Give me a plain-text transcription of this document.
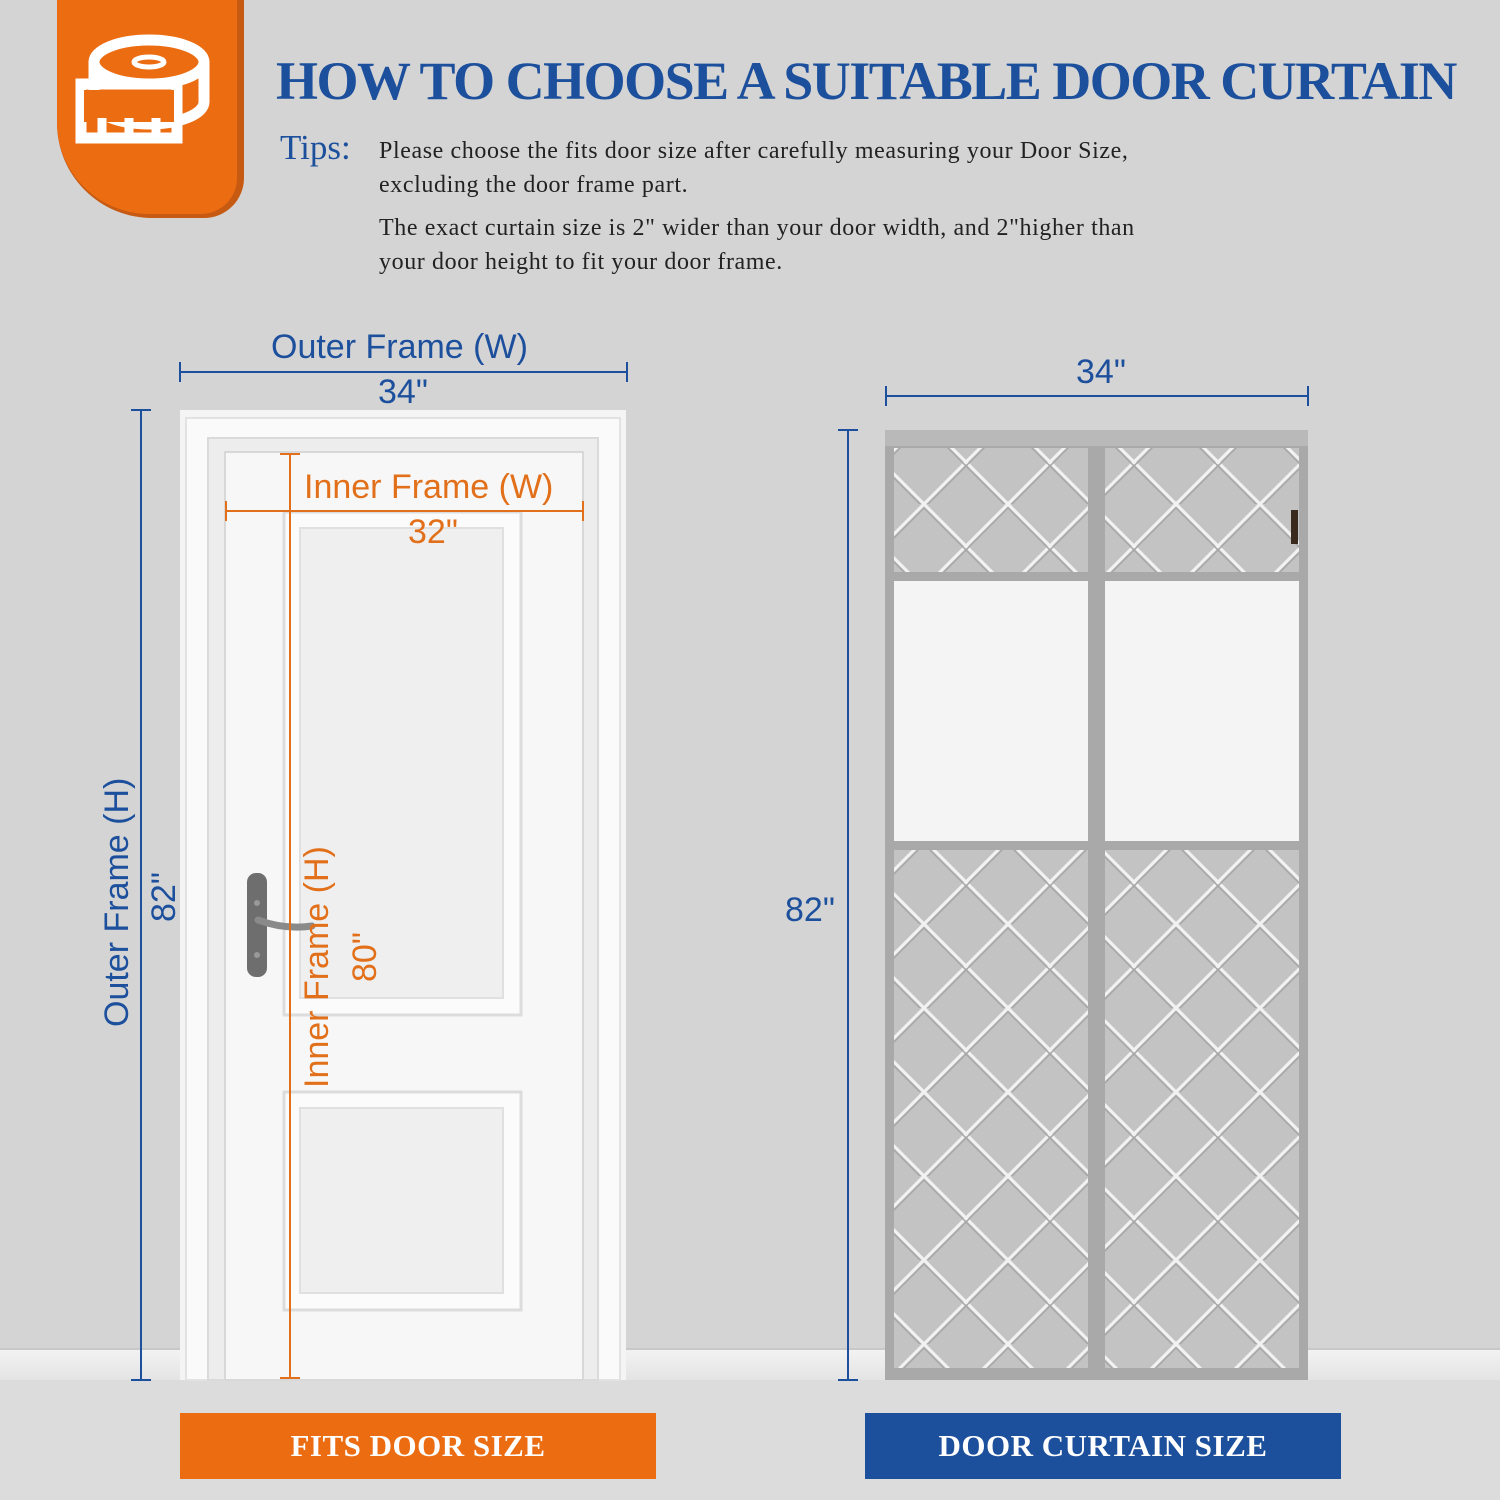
HOW TO CHOOSE A SUITABLE DOOR CURTAIN
Tips: Please choose the fits door size after carefully measuring your Door Size,
excluding the door frame part.
The exact curtain size is 2" wider than your door width, and 2"higher than
your door height to fit your door frame.
Outer Frame (W)
34"
Inner Frame (W)
32"
Outer Frame (H) 82"	Inner Frame (H) 80"
34"
82"
FITS DOOR SIZE	DOOR CURTAIN SIZE
